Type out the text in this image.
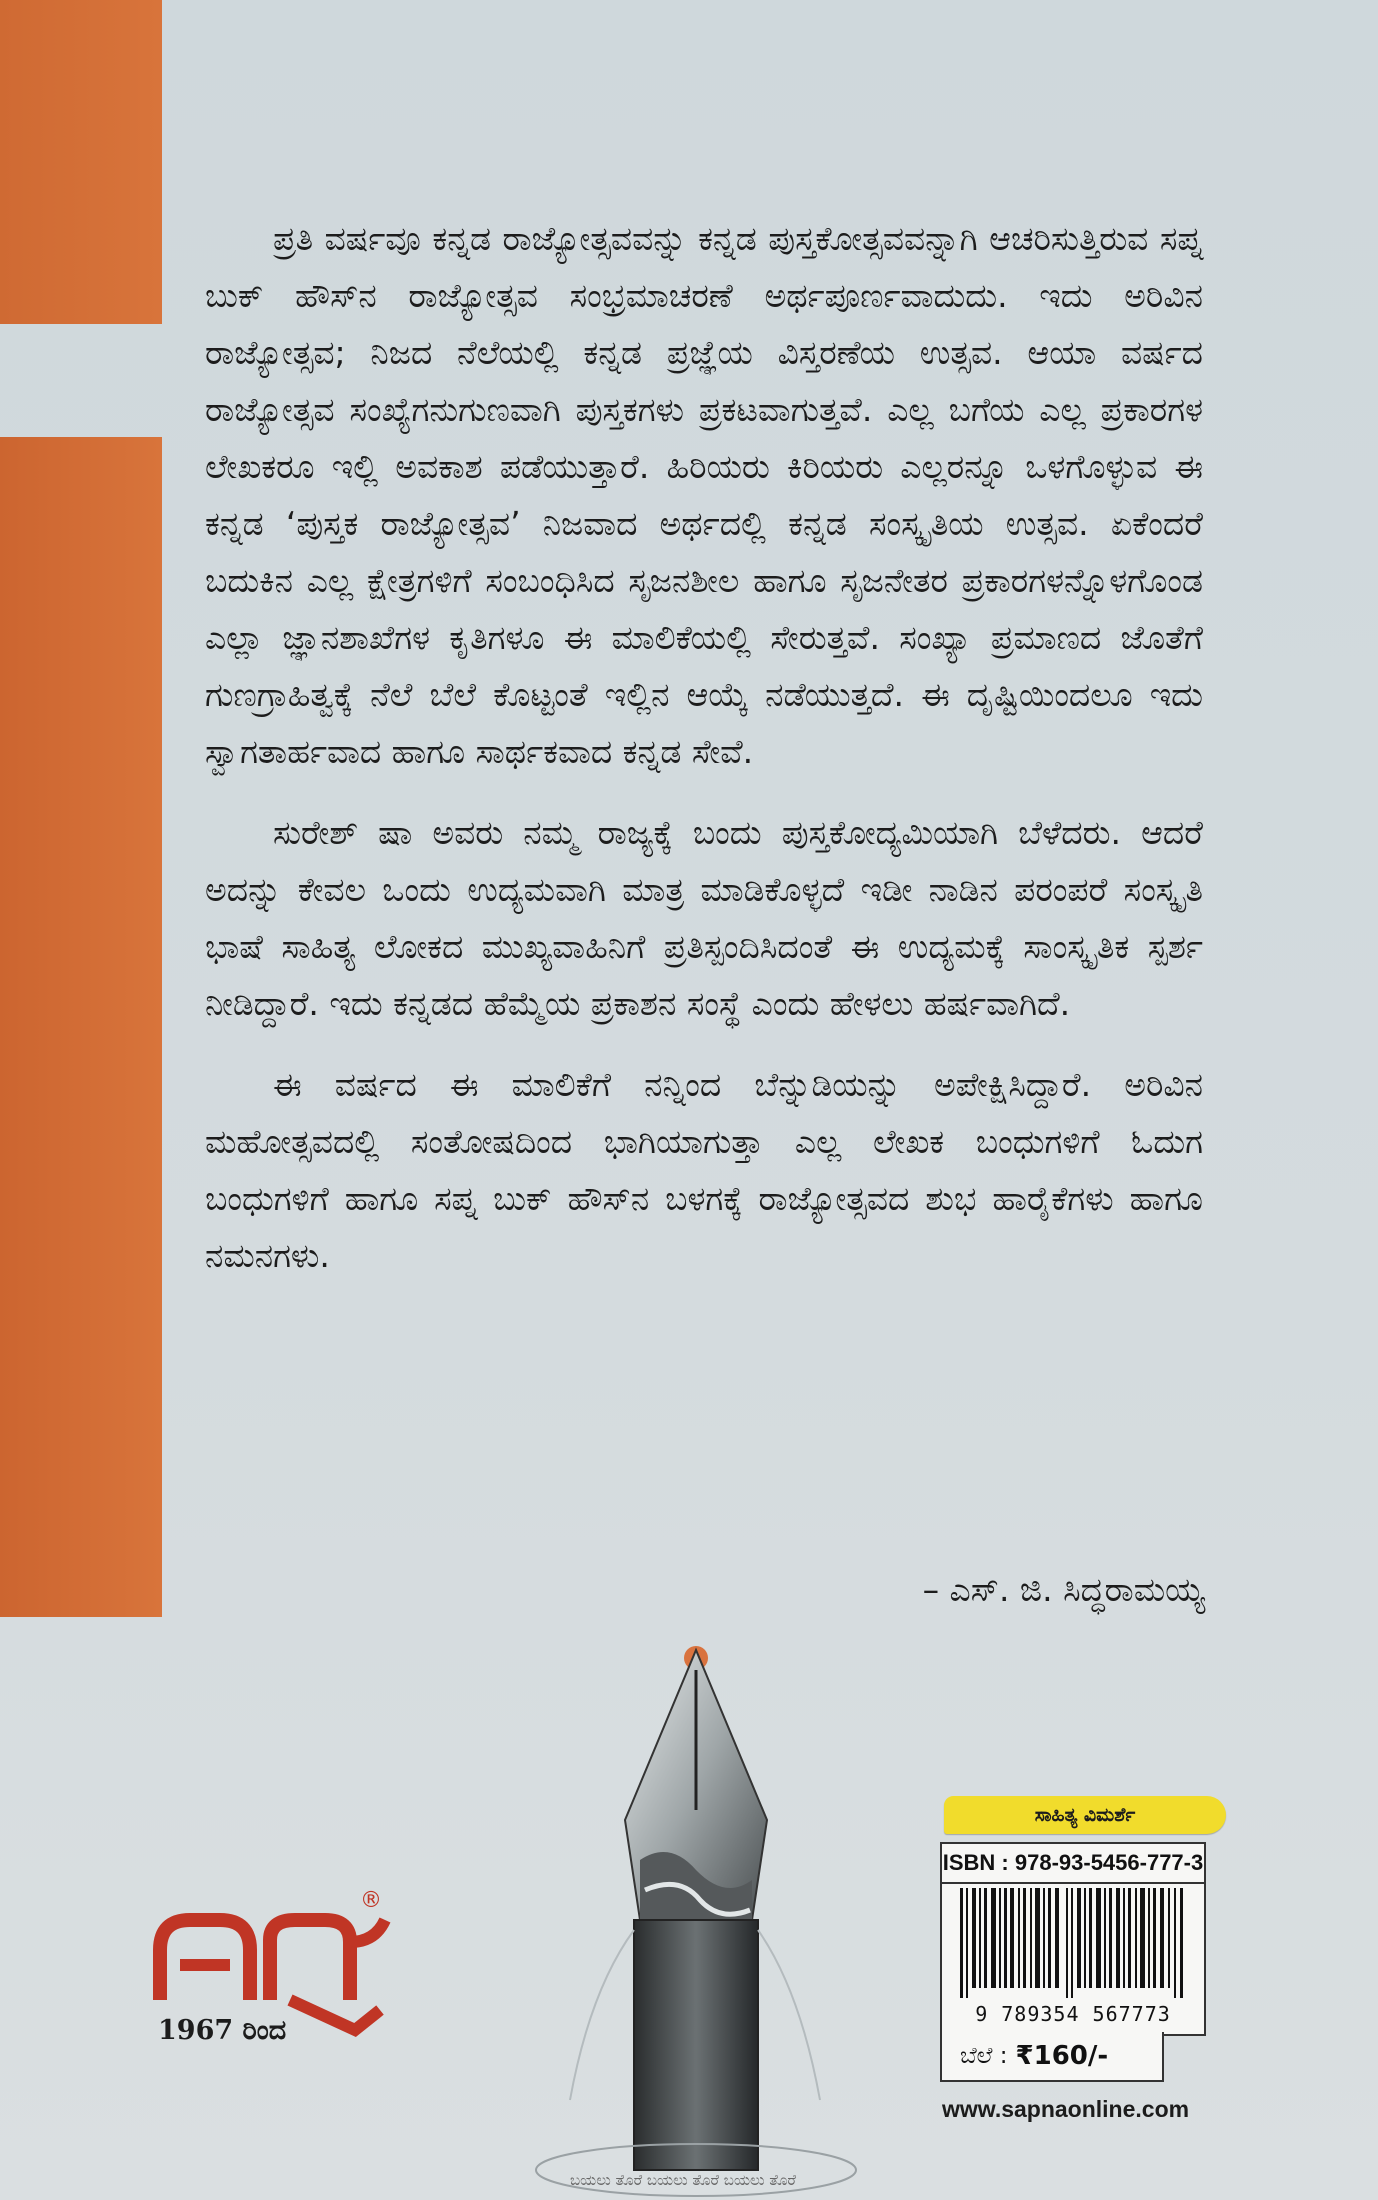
ಪ್ರತಿ ವರ್ಷವೂ ಕನ್ನಡ ರಾಜ್ಯೋತ್ಸವವನ್ನು ಕನ್ನಡ ಪುಸ್ತಕೋತ್ಸವವನ್ನಾಗಿ ಆಚರಿಸುತ್ತಿರುವ ಸಪ್ನ ಬುಕ್ ಹೌಸ್‌ನ ರಾಜ್ಯೋತ್ಸವ ಸಂಭ್ರಮಾಚರಣೆ ಅರ್ಥಪೂರ್ಣವಾದುದು. ಇದು ಅರಿವಿನ ರಾಜ್ಯೋತ್ಸವ; ನಿಜದ ನೆಲೆಯಲ್ಲಿ ಕನ್ನಡ ಪ್ರಜ್ಞೆಯ ವಿಸ್ತರಣೆಯ ಉತ್ಸವ. ಆಯಾ ವರ್ಷದ ರಾಜ್ಯೋತ್ಸವ ಸಂಖ್ಯೆಗನುಗುಣವಾಗಿ ಪುಸ್ತಕಗಳು ಪ್ರಕಟವಾಗುತ್ತವೆ. ಎಲ್ಲ ಬಗೆಯ ಎಲ್ಲ ಪ್ರಕಾರಗಳ ಲೇಖಕರೂ ಇಲ್ಲಿ ಅವಕಾಶ ಪಡೆಯುತ್ತಾರೆ. ಹಿರಿಯರು ಕಿರಿಯರು ಎಲ್ಲರನ್ನೂ ಒಳಗೊಳ್ಳುವ ಈ ಕನ್ನಡ ‘ಪುಸ್ತಕ ರಾಜ್ಯೋತ್ಸವ’ ನಿಜವಾದ ಅರ್ಥದಲ್ಲಿ ಕನ್ನಡ ಸಂಸ್ಕೃತಿಯ ಉತ್ಸವ. ಏಕೆಂದರೆ ಬದುಕಿನ ಎಲ್ಲ ಕ್ಷೇತ್ರಗಳಿಗೆ ಸಂಬಂಧಿಸಿದ ಸೃಜನಶೀಲ ಹಾಗೂ ಸೃಜನೇತರ ಪ್ರಕಾರಗಳನ್ನೊಳಗೊಂಡ ಎಲ್ಲಾ ಜ್ಞಾನಶಾಖೆಗಳ ಕೃತಿಗಳೂ ಈ ಮಾಲಿಕೆಯಲ್ಲಿ ಸೇರುತ್ತವೆ. ಸಂಖ್ಯಾ ಪ್ರಮಾಣದ ಜೊತೆಗೆ ಗುಣಗ್ರಾಹಿತ್ವಕ್ಕೆ ನೆಲೆ ಬೆಲೆ ಕೊಟ್ಟಂತೆ ಇಲ್ಲಿನ ಆಯ್ಕೆ ನಡೆಯುತ್ತದೆ. ಈ ದೃಷ್ಟಿಯಿಂದಲೂ ಇದು ಸ್ವಾಗತಾರ್ಹವಾದ ಹಾಗೂ ಸಾರ್ಥಕವಾದ ಕನ್ನಡ ಸೇವೆ.

ಸುರೇಶ್ ಷಾ ಅವರು ನಮ್ಮ ರಾಜ್ಯಕ್ಕೆ ಬಂದು ಪುಸ್ತಕೋದ್ಯಮಿಯಾಗಿ ಬೆಳೆದರು. ಆದರೆ ಅದನ್ನು ಕೇವಲ ಒಂದು ಉದ್ಯಮವಾಗಿ ಮಾತ್ರ ಮಾಡಿಕೊಳ್ಳದೆ ಇಡೀ ನಾಡಿನ ಪರಂಪರೆ ಸಂಸ್ಕೃತಿ ಭಾಷೆ ಸಾಹಿತ್ಯ ಲೋಕದ ಮುಖ್ಯವಾಹಿನಿಗೆ ಪ್ರತಿಸ್ಪಂದಿಸಿದಂತೆ ಈ ಉದ್ಯಮಕ್ಕೆ ಸಾಂಸ್ಕೃತಿಕ ಸ್ಪರ್ಶ ನೀಡಿದ್ದಾರೆ. ಇದು ಕನ್ನಡದ ಹೆಮ್ಮೆಯ ಪ್ರಕಾಶನ ಸಂಸ್ಥೆ ಎಂದು ಹೇಳಲು ಹರ್ಷವಾಗಿದೆ.

ಈ ವರ್ಷದ ಈ ಮಾಲಿಕೆಗೆ ನನ್ನಿಂದ ಬೆನ್ನುಡಿಯನ್ನು ಅಪೇಕ್ಷಿಸಿದ್ದಾರೆ. ಅರಿವಿನ ಮಹೋತ್ಸವದಲ್ಲಿ ಸಂತೋಷದಿಂದ ಭಾಗಿಯಾಗುತ್ತಾ ಎಲ್ಲ ಲೇಖಕ ಬಂಧುಗಳಿಗೆ ಓದುಗ ಬಂಧುಗಳಿಗೆ ಹಾಗೂ ಸಪ್ನ ಬುಕ್ ಹೌಸ್‌ನ ಬಳಗಕ್ಕೆ ರಾಜ್ಯೋತ್ಸವದ ಶುಭ ಹಾರೈಕೆಗಳು ಹಾಗೂ ನಮನಗಳು.

– ಎಸ್. ಜಿ. ಸಿದ್ಧರಾಮಯ್ಯ
ಬಯಲು ತೊರೆ ಬಯಲು ತೊರೆ ಬಯಲು ತೊರೆ
®
1967 ರಿಂದ
ಸಾಹಿತ್ಯ ವಿಮರ್ಶೆ
ISBN : 978-93-5456-777-3
9 789354 567773
ಬೆಲೆ : ₹160/-
www.sapnaonline.com
